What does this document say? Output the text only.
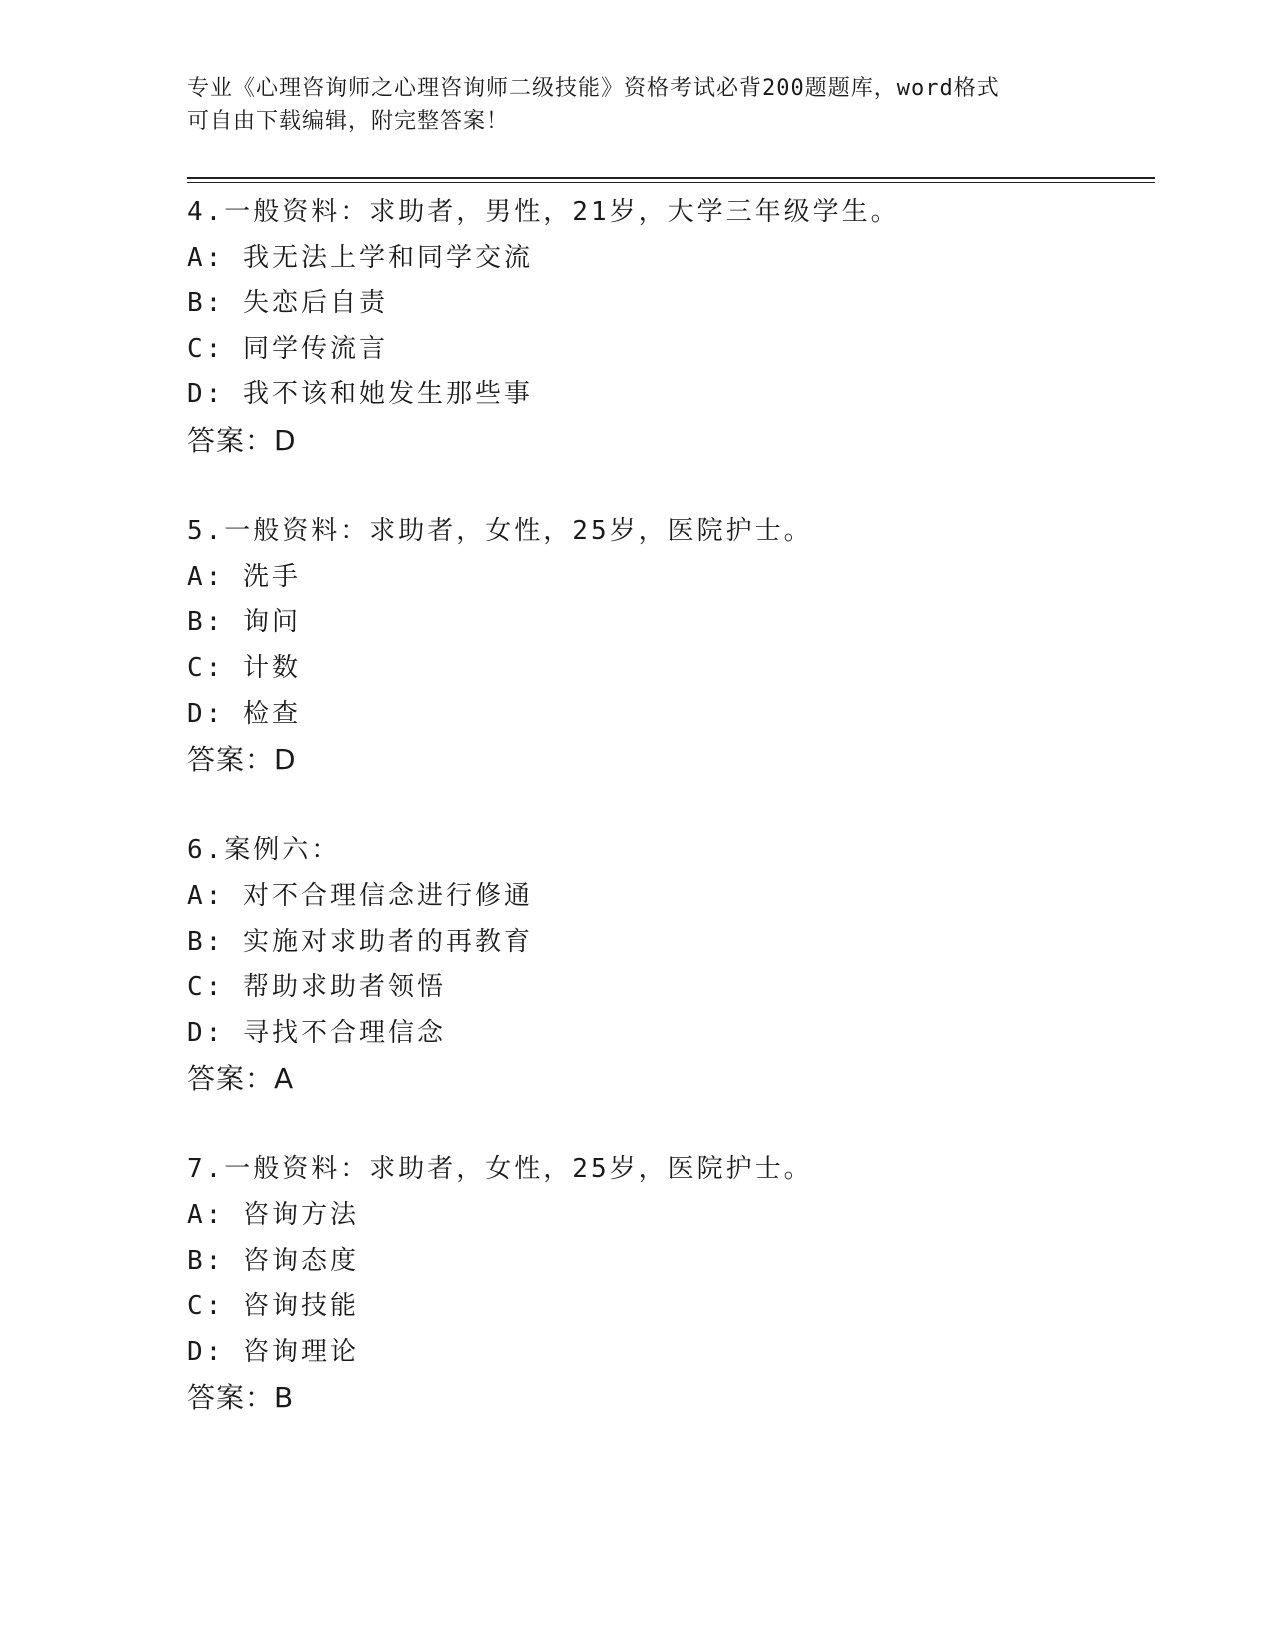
专业《心理咨询师之心理咨询师二级技能》资格考试必背200题题库，word格式
可自由下载编辑，附完整答案！
4.一般资料：求助者，男性，21岁，大学三年级学生。
A: 我无法上学和同学交流
B: 失恋后自责
C: 同学传流言
D: 我不该和她发生那些事
答案：D
5.一般资料：求助者，女性，25岁，医院护士。
A: 洗手
B: 询问
C: 计数
D: 检查
答案：D
6.案例六：
A: 对不合理信念进行修通
B: 实施对求助者的再教育
C: 帮助求助者领悟
D: 寻找不合理信念
答案：A
7.一般资料：求助者，女性，25岁，医院护士。
A: 咨询方法
B: 咨询态度
C: 咨询技能
D: 咨询理论
答案：B
